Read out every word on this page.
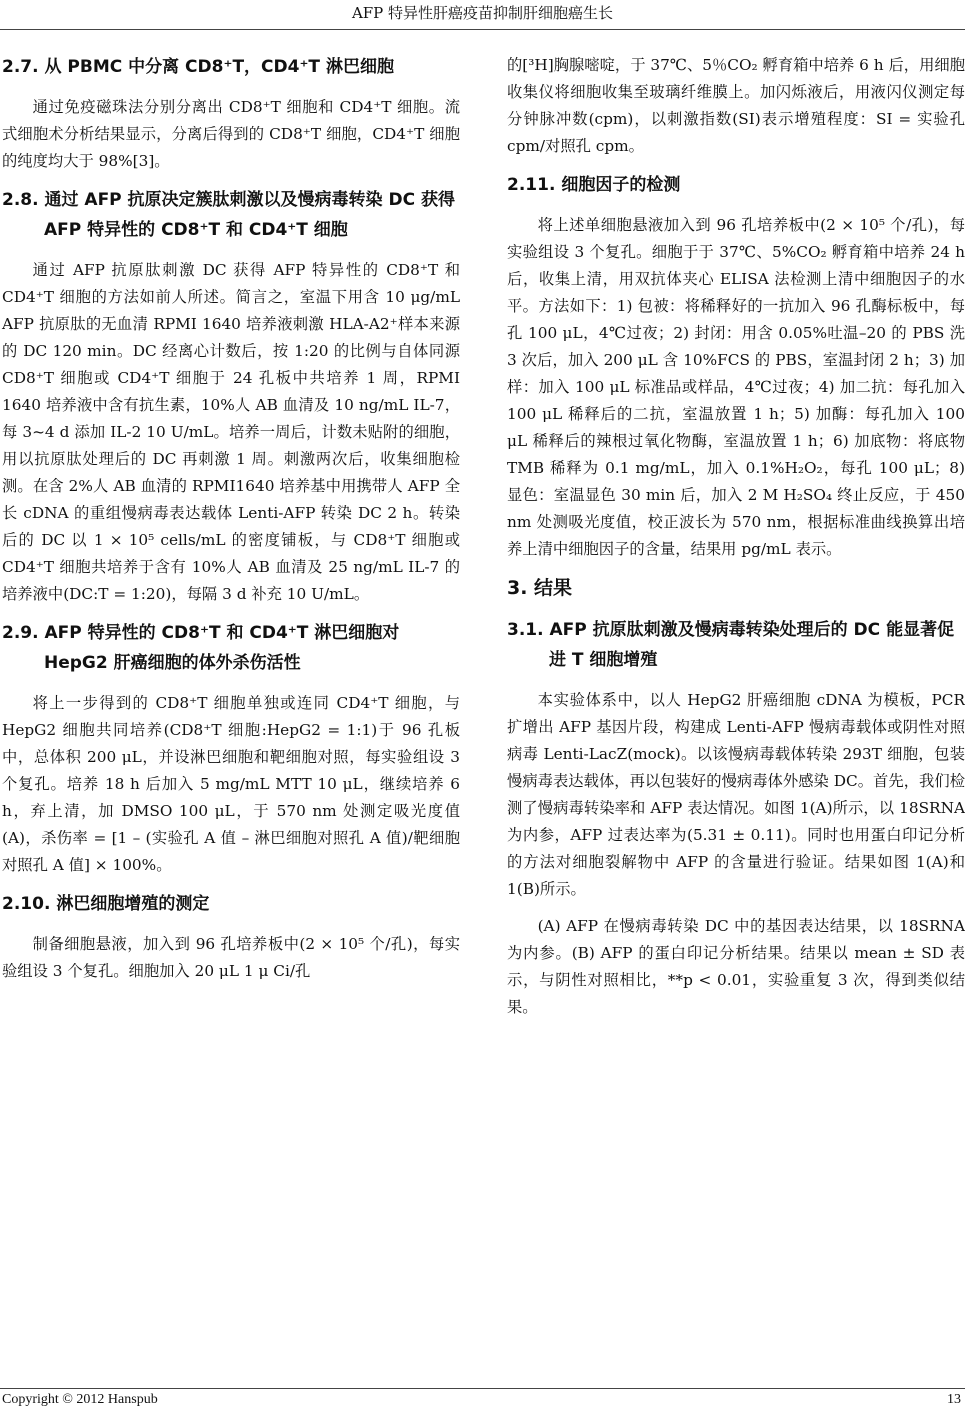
AFP 特异性肝癌疫苗抑制肝细胞癌生长
2.7. 从 PBMC 中分离 CD8⁺T，CD4⁺T 淋巴细胞

通过免疫磁珠法分别分离出 CD8⁺T 细胞和 CD4⁺T 细胞。流式细胞术分析结果显示，分离后得到的 CD8⁺T 细胞，CD4⁺T 细胞的纯度均大于 98%[3]。

2.8. 通过 AFP 抗原决定簇肽刺激以及慢病毒转染 DC 获得 AFP 特异性的 CD8⁺T 和 CD4⁺T 细胞

通过 AFP 抗原肽刺激 DC 获得 AFP 特异性的 CD8⁺T 和 CD4⁺T 细胞的方法如前人所述。简言之，室温下用含 10 μg/mL AFP 抗原肽的无血清 RPMI 1640 培养液刺激 HLA-A2⁺样本来源的 DC 120 min。DC 经离心计数后，按 1:20 的比例与自体同源 CD8⁺T 细胞或 CD4⁺T 细胞于 24 孔板中共培养 1 周，RPMI 1640 培养液中含有抗生素，10%人 AB 血清及 10 ng/mL IL-7，每 3~4 d 添加 IL-2 10 U/mL。培养一周后，计数未贴附的细胞，用以抗原肽处理后的 DC 再刺激 1 周。刺激两次后，收集细胞检测。在含 2%人 AB 血清的 RPMI1640 培养基中用携带人 AFP 全长 cDNA 的重组慢病毒表达载体 Lenti-AFP 转染 DC 2 h。转染后的 DC 以 1 × 10⁵ cells/mL 的密度铺板，与 CD8⁺T 细胞或 CD4⁺T 细胞共培养于含有 10%人 AB 血清及 25 ng/mL IL-7 的培养液中(DC:T = 1:20)，每隔 3 d 补充 10 U/mL。

2.9. AFP 特异性的 CD8⁺T 和 CD4⁺T 淋巴细胞对 HepG2 肝癌细胞的体外杀伤活性

将上一步得到的 CD8⁺T 细胞单独或连同 CD4⁺T 细胞，与 HepG2 细胞共同培养(CD8⁺T 细胞:HepG2 = 1:1)于 96 孔板中，总体积 200 μL，并设淋巴细胞和靶细胞对照，每实验组设 3 个复孔。培养 18 h 后加入 5 mg/mL MTT 10 μL，继续培养 6 h，弃上清，加 DMSO 100 μL，于 570 nm 处测定吸光度值(A)，杀伤率 = [1 – (实验孔 A 值 – 淋巴细胞对照孔 A 值)/靶细胞对照孔 A 值] × 100%。

2.10. 淋巴细胞增殖的测定

制备细胞悬液，加入到 96 孔培养板中(2 × 10⁵ 个/孔)，每实验组设 3 个复孔。细胞加入 20 μL 1 μ Ci/孔

的[³H]胸腺嘧啶，于 37℃、5％CO₂ 孵育箱中培养 6 h 后，用细胞收集仪将细胞收集至玻璃纤维膜上。加闪烁液后，用液闪仪测定每分钟脉冲数(cpm)，以刺激指数(SI)表示增殖程度：SI = 实验孔 cpm/对照孔 cpm。

2.11. 细胞因子的检测

将上述单细胞悬液加入到 96 孔培养板中(2 × 10⁵ 个/孔)，每实验组设 3 个复孔。细胞于于 37℃、5%CO₂ 孵育箱中培养 24 h 后，收集上清，用双抗体夹心 ELISA 法检测上清中细胞因子的水平。方法如下：1) 包被：将稀释好的一抗加入 96 孔酶标板中，每孔 100 μL，4℃过夜；2) 封闭：用含 0.05%吐温–20 的 PBS 洗 3 次后，加入 200 μL 含 10%FCS 的 PBS，室温封闭 2 h；3) 加样：加入 100 μL 标准品或样品，4℃过夜；4) 加二抗：每孔加入 100 μL 稀释后的二抗，室温放置 1 h；5) 加酶：每孔加入 100 μL 稀释后的辣根过氧化物酶，室温放置 1 h；6) 加底物：将底物 TMB 稀释为 0.1 mg/mL，加入 0.1%H₂O₂，每孔 100 μL；8) 显色：室温显色 30 min 后，加入 2 M H₂SO₄ 终止反应，于 450 nm 处测吸光度值，校正波长为 570 nm，根据标准曲线换算出培养上清中细胞因子的含量，结果用 pg/mL 表示。

3. 结果
3.1. AFP 抗原肽刺激及慢病毒转染处理后的 DC 能显著促进 T 细胞增殖

本实验体系中，以人 HepG2 肝癌细胞 cDNA 为模板，PCR 扩增出 AFP 基因片段，构建成 Lenti-AFP 慢病毒载体或阴性对照病毒 Lenti-LacZ(mock)。以该慢病毒载体转染 293T 细胞，包装慢病毒表达载体，再以包装好的慢病毒体外感染 DC。首先，我们检测了慢病毒转染率和 AFP 表达情况。如图 1(A)所示，以 18SRNA 为内参，AFP 过表达率为(5.31 ± 0.11)。同时也用蛋白印记分析的方法对细胞裂解物中 AFP 的含量进行验证。结果如图 1(A)和 1(B)所示。

(A) AFP 在慢病毒转染 DC 中的基因表达结果，以 18SRNA 为内参。(B) AFP 的蛋白印记分析结果。结果以 mean ± SD 表示，与阴性对照相比，**p < 0.01，实验重复 3 次，得到类似结果。

Copyright © 2012 Hanspub	13
